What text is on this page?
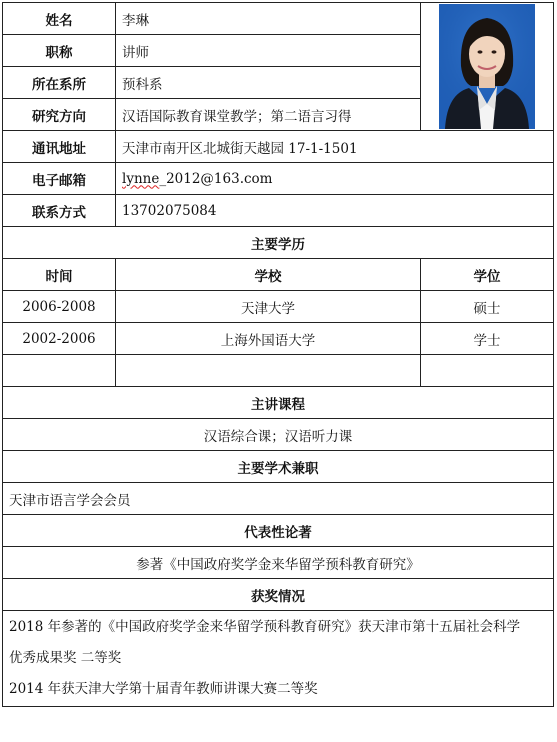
姓名	李琳	
职称	讲师	
所在系所	预科系	
研究方向	汉语国际教育课堂教学；第二语言习得	
通讯地址	天津市南开区北城街天越园 17-1-1501	
电子邮箱	lynne_2012@163.com	
联系方式	13702075084	
主要学历		
时间	学校	学位
2006-2008	天津大学	硕士
2002-2006	上海外国语大学	学士

主讲课程		
汉语综合课；汉语听力课		
主要学术兼职		
天津市语言学会会员		
代表性论著		
参著《中国政府奖学金来华留学预科教育研究》		
获奖情况		

2018 年参著的《中国政府奖学金来华留学预科教育研究》获天津市第十五届社会科学
优秀成果奖 二等奖
2014 年获天津大学第十届青年教师讲课大赛二等奖		
